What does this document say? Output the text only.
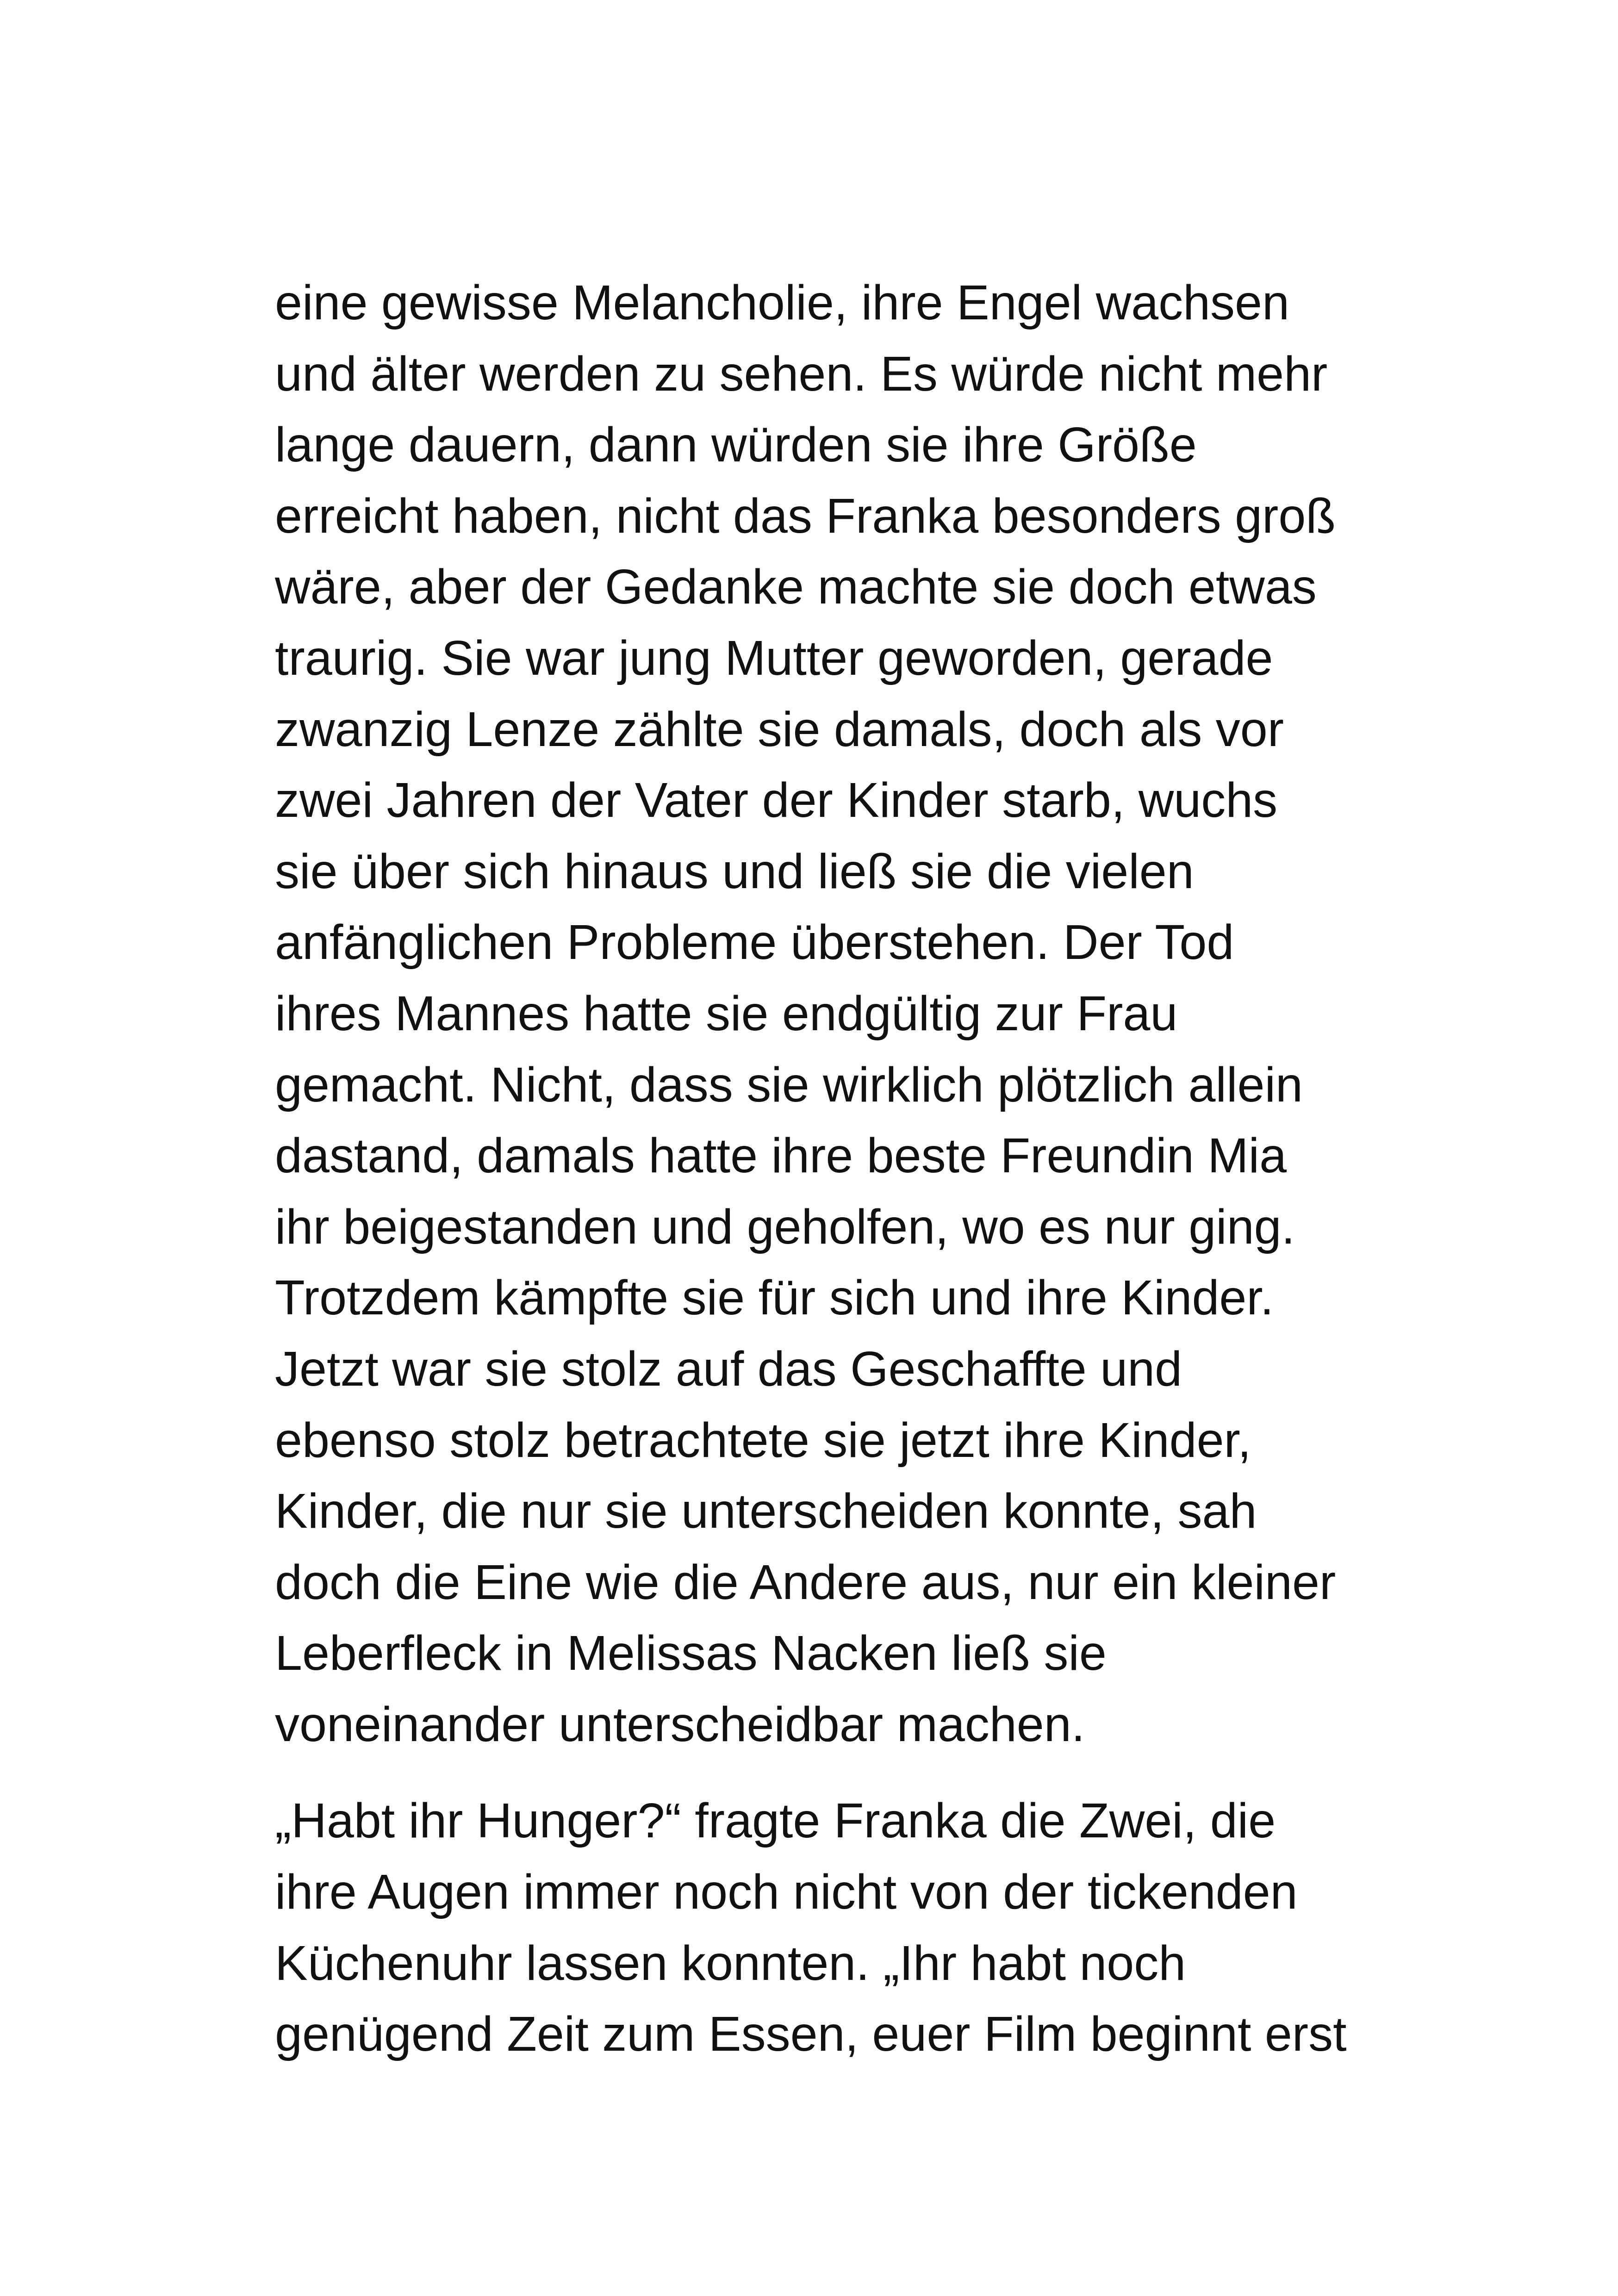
eine gewisse Melancholie, ihre Engel wachsen
und älter werden zu sehen. Es würde nicht mehr
lange dauern, dann würden sie ihre Größe
erreicht haben, nicht das Franka besonders groß
wäre, aber der Gedanke machte sie doch etwas
traurig. Sie war jung Mutter geworden, gerade
zwanzig Lenze zählte sie damals, doch als vor
zwei Jahren der Vater der Kinder starb, wuchs
sie über sich hinaus und ließ sie die vielen
anfänglichen Probleme überstehen. Der Tod
ihres Mannes hatte sie endgültig zur Frau
gemacht. Nicht, dass sie wirklich plötzlich allein
dastand, damals hatte ihre beste Freundin Mia
ihr beigestanden und geholfen, wo es nur ging.
Trotzdem kämpfte sie für sich und ihre Kinder.
Jetzt war sie stolz auf das Geschaffte und
ebenso stolz betrachtete sie jetzt ihre Kinder,
Kinder, die nur sie unterscheiden konnte, sah
doch die Eine wie die Andere aus, nur ein kleiner
Leberfleck in Melissas Nacken ließ sie
voneinander unterscheidbar machen.

„Habt ihr Hunger?“ fragte Franka die Zwei, die
ihre Augen immer noch nicht von der tickenden
Küchenuhr lassen konnten. „Ihr habt noch
genügend Zeit zum Essen, euer Film beginnt erst
